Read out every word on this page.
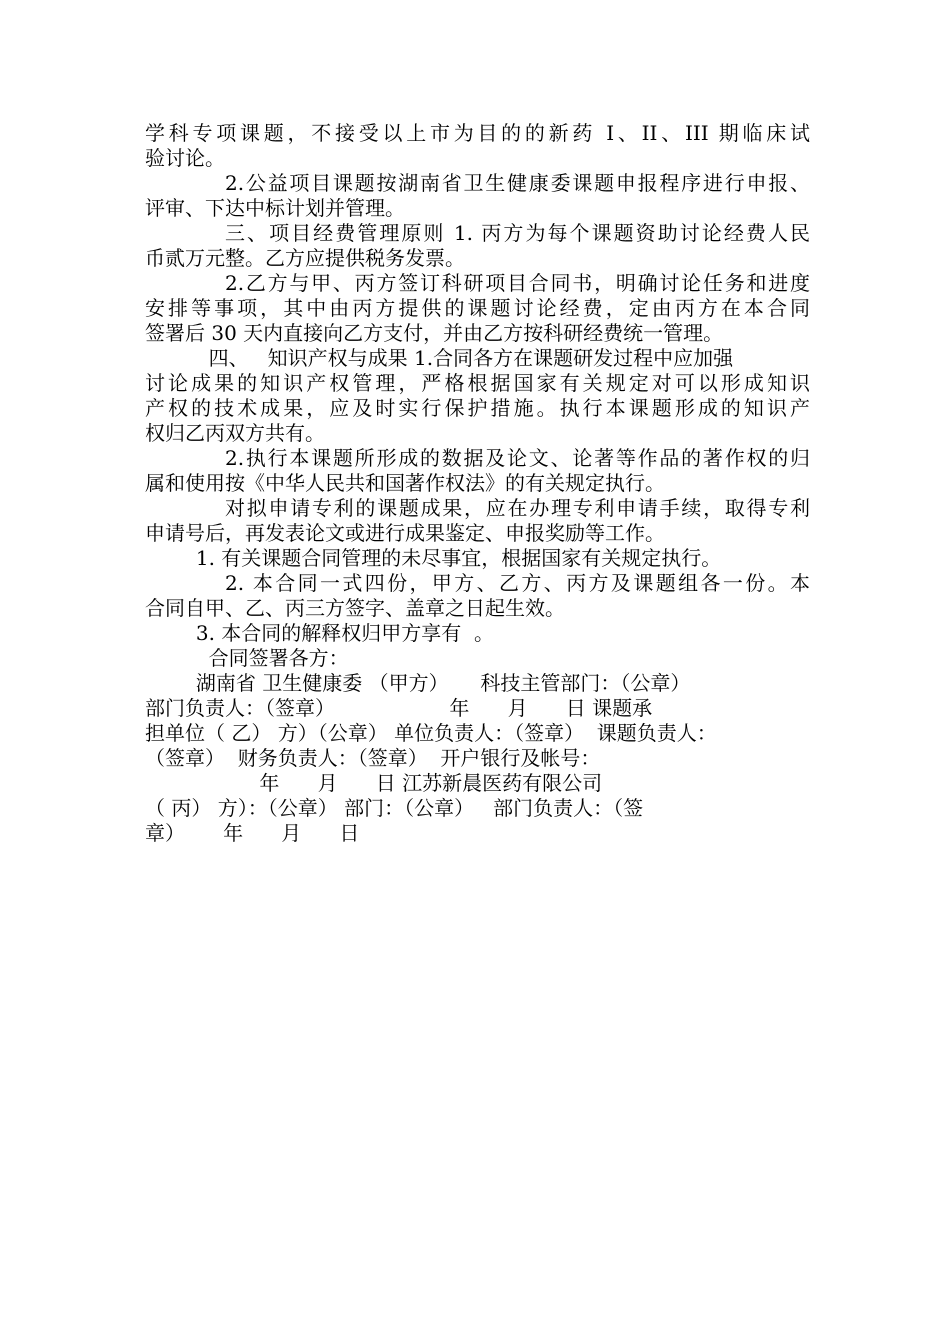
学科专项课题，不接受以上市为目的的新药 I、II、III 期临床试
验讨论。
2.公益项目课题按湖南省卫生健康委课题申报程序进行申报、
评审、下达中标计划并管理。
三、项目经费管理原则 1. 丙方为每个课题资助讨论经费人民
币贰万元整。乙方应提供税务发票。
2.乙方与甲、丙方签订科研项目合同书，明确讨论任务和进度
安排等事项，其中由丙方提供的课题讨论经费，定由丙方在本合同
签署后 30 天内直接向乙方支付，并由乙方按科研经费统一管理。
四、   知识产权与成果 1.合同各方在课题研发过程中应加强
讨论成果的知识产权管理，严格根据国家有关规定对可以形成知识
产权的技术成果，应及时实行保护措施。执行本课题形成的知识产
权归乙丙双方共有。
2.执行本课题所形成的数据及论文、论著等作品的著作权的归
属和使用按《中华人民共和国著作权法》的有关规定执行。
对拟申请专利的课题成果，应在办理专利申请手续，取得专利
申请号后，再发表论文或进行成果鉴定、申报奖励等工作。
1. 有关课题合同管理的未尽事宜，根据国家有关规定执行。
2. 本合同一式四份，甲方、乙方、丙方及课题组各一份。本
合同自甲、乙、丙三方签字、盖章之日起生效。
3. 本合同的解释权归甲方享有  。
合同签署各方：
湖南省 卫生健康委 （甲方）     科技主管部门：（公章）
部门负责人：（签章）                  年      月      日 课题承
担单位（ 乙） 方）（公章） 单位负责人：（签章）  课题负责人：
（签章）  财务负责人：（签章）  开户银行及帐号：
年      月      日 江苏新晨医药有限公司
（ 丙） 方）：（公章） 部门：（公章）   部门负责人：（签
章）      年      月      日
